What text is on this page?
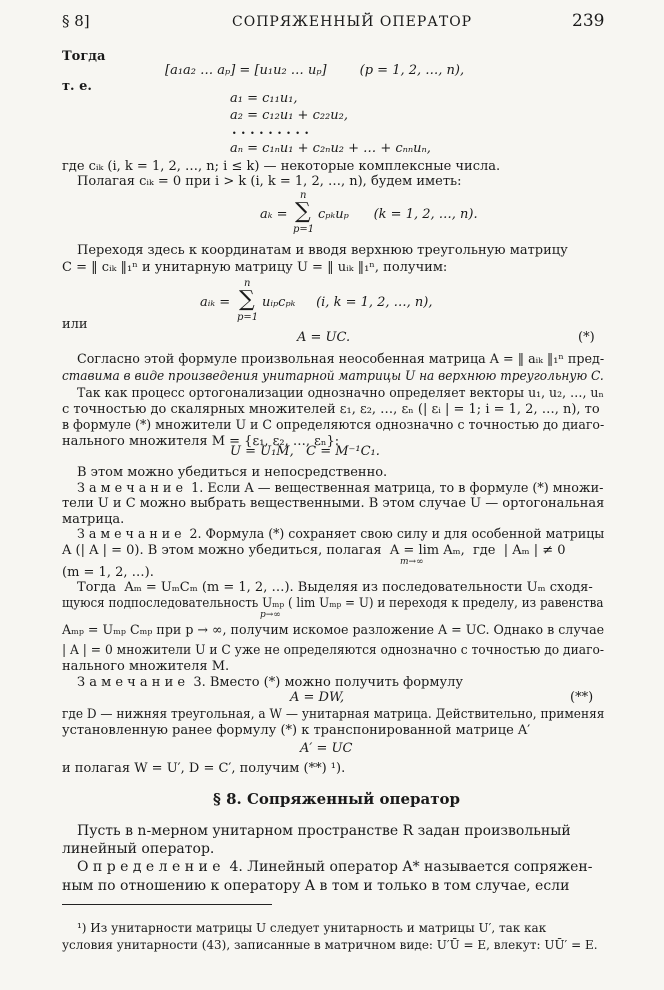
§ 8]	СОПРЯЖЕННЫЙ ОПЕРАТОР	239
Тогда
[a₁a₂ … aₚ] = [u₁u₂ … uₚ]        (p = 1, 2, …, n),
т. е.
a₁ = c₁₁u₁,
a₂ = c₁₂u₁ + c₂₂u₂,
. . . . . . . . .
aₙ = c₁ₙu₁ + c₂ₙu₂ + … + cₙₙuₙ,
где cᵢₖ (i, k = 1, 2, …, n; i ≤ k) — некоторые комплексные числа.
Полагая cᵢₖ = 0 при i > k (i, k = 1, 2, …, n), будем иметь:
aₖ =
n
∑
p=1
cₚₖuₚ      (k = 1, 2, …, n).
Переходя здесь к координатам и вводя верхнюю треугольную матрицу
C = ‖ cᵢₖ ‖₁ⁿ и унитарную матрицу U = ‖ uᵢₖ ‖₁ⁿ, получим:
aᵢₖ =
n
∑
p=1
uᵢₚcₚₖ     (i, k = 1, 2, …, n),
или
A = UC.	(*)
Согласно этой формуле произвольная неособенная матрица A = ‖ aᵢₖ ‖₁ⁿ пред-
ставима в виде произведения унитарной матрицы U на верхнюю треугольную C.
Так как процесс ортогонализации однозначно определяет векторы u₁, u₂, …, uₙ
с точностью до скалярных множителей ε₁, ε₂, …, εₙ (| εᵢ | = 1; i = 1, 2, …, n), то
в формуле (*) множители U и C определяются однозначно с точностью до диаго-
нального множителя M = {ε₁, ε₂, …, εₙ}:
U = U₁M,   C = M⁻¹C₁.
В этом можно убедиться и непосредственно.
З а м е ч а н и е  1. Если A — вещественная матрица, то в формуле (*) множи-
тели U и C можно выбрать вещественными. В этом случае U — ортогональная
матрица.
З а м е ч а н и е  2. Формула (*) сохраняет свою силу и для особенной матрицы
A (| A | = 0). В этом можно убедиться, полагая  A = lim Aₘ,  где  | Aₘ | ≠ 0
m→∞
(m = 1, 2, …).
Тогда  Aₘ = UₘCₘ (m = 1, 2, …). Выделяя из последовательности Uₘ сходя-
щуюся подпоследовательность Uₘₚ ( lim Uₘₚ = U) и переходя к пределу, из равенства
p→∞
Aₘₚ = Uₘₚ Cₘₚ при p → ∞, получим искомое разложение A = UC. Однако в случае
| A | = 0 множители U и C уже не определяются однозначно с точностью до диаго-
нального множителя M.
З а м е ч а н и е  3. Вместо (*) можно получить формулу
A = DW,	(**)
где D — нижняя треугольная, a W — унитарная матрица. Действительно, применяя
установленную ранее формулу (*) к транспонированной матрице A′
A′ = UC
и полагая W = U′, D = C′, получим (**) ¹).
§ 8. Сопряженный оператор
Пусть в n-мерном унитарном пространстве R задан произвольный
линейный оператор.
О п р е д е л е н и е  4. Линейный оператор A* называется сопряжен-
ным по отношению к оператору A в том и только в том случае, если
¹) Из унитарности матрицы U следует унитарность и матрицы U′, так как
условия унитарности (43), записанные в матричном виде: U′Ū = E, влекут: UŪ′ = E.
